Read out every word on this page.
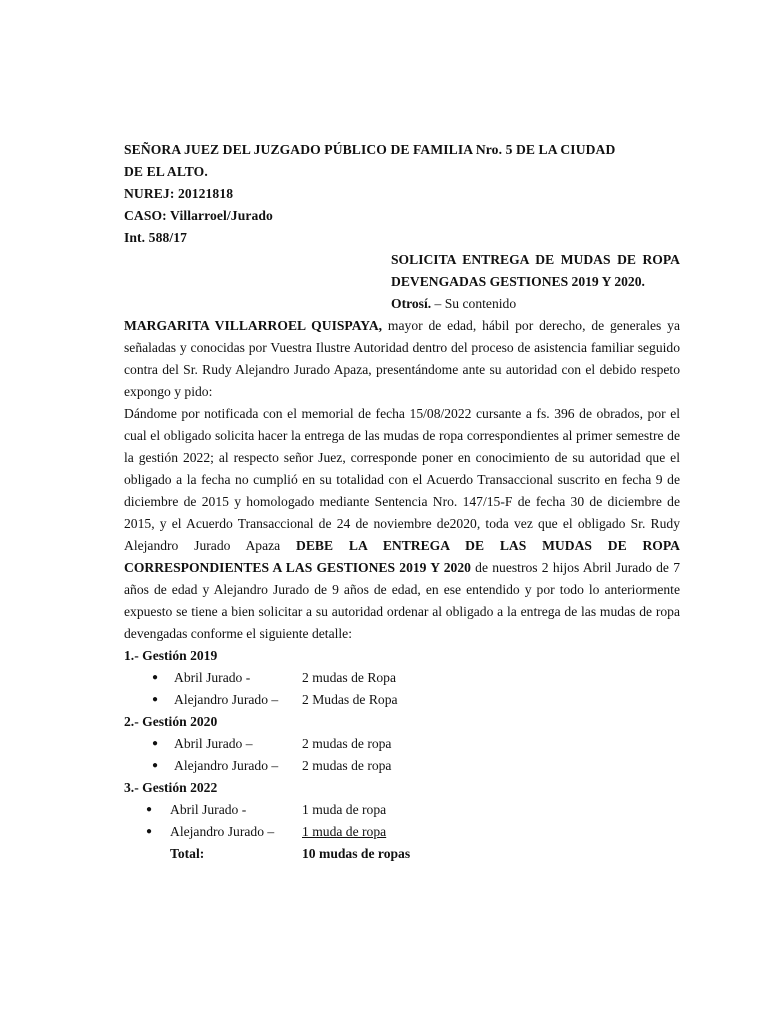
SEÑORA JUEZ DEL JUZGADO PÚBLICO DE FAMILIA Nro. 5 DE LA CIUDAD
DE EL ALTO.
NUREJ: 20121818
CASO: Villarroel/Jurado
Int. 588/17
SOLICITA ENTREGA DE MUDAS DE ROPA DEVENGADAS GESTIONES 2019 Y 2020.
Otrosí. – Su contenido
MARGARITA VILLARROEL QUISPAYA, mayor de edad, hábil por derecho, de generales ya señaladas y conocidas por Vuestra Ilustre Autoridad dentro del proceso de asistencia familiar seguido contra del Sr. Rudy Alejandro Jurado Apaza, presentándome ante su autoridad con el debido respeto expongo y pido:
Dándome por notificada con el memorial de fecha 15/08/2022 cursante a fs. 396 de obrados, por el cual el obligado solicita hacer la entrega de las mudas de ropa correspondientes al primer semestre de la gestión 2022; al respecto señor Juez, corresponde poner en conocimiento de su autoridad que el obligado a la fecha no cumplió en su totalidad con el Acuerdo Transaccional suscrito en fecha 9 de diciembre de 2015 y homologado mediante Sentencia Nro. 147/15-F de fecha 30 de diciembre de 2015, y el Acuerdo Transaccional de 24 de noviembre de2020, toda vez que el obligado Sr. Rudy Alejandro Jurado Apaza DEBE LA ENTREGA DE LAS MUDAS DE ROPA CORRESPONDIENTES A LAS GESTIONES 2019 Y 2020 de nuestros 2 hijos Abril Jurado de 7 años de edad y Alejandro Jurado de 9 años de edad, en ese entendido y por todo lo anteriormente expuesto se tiene a bien solicitar a su autoridad ordenar al obligado a la entrega de las mudas de ropa devengadas conforme el siguiente detalle:
1.- Gestión 2019
● Abril Jurado -	2 mudas de Ropa
● Alejandro Jurado – 2 Mudas de Ropa
2.- Gestión 2020
● Abril Jurado –	2 mudas de ropa
● Alejandro Jurado – 2 mudas de ropa
3.- Gestión 2022
● Abril Jurado -	1 muda de ropa
● Alejandro Jurado – 1 muda de ropa
Total:	10 mudas de ropas
